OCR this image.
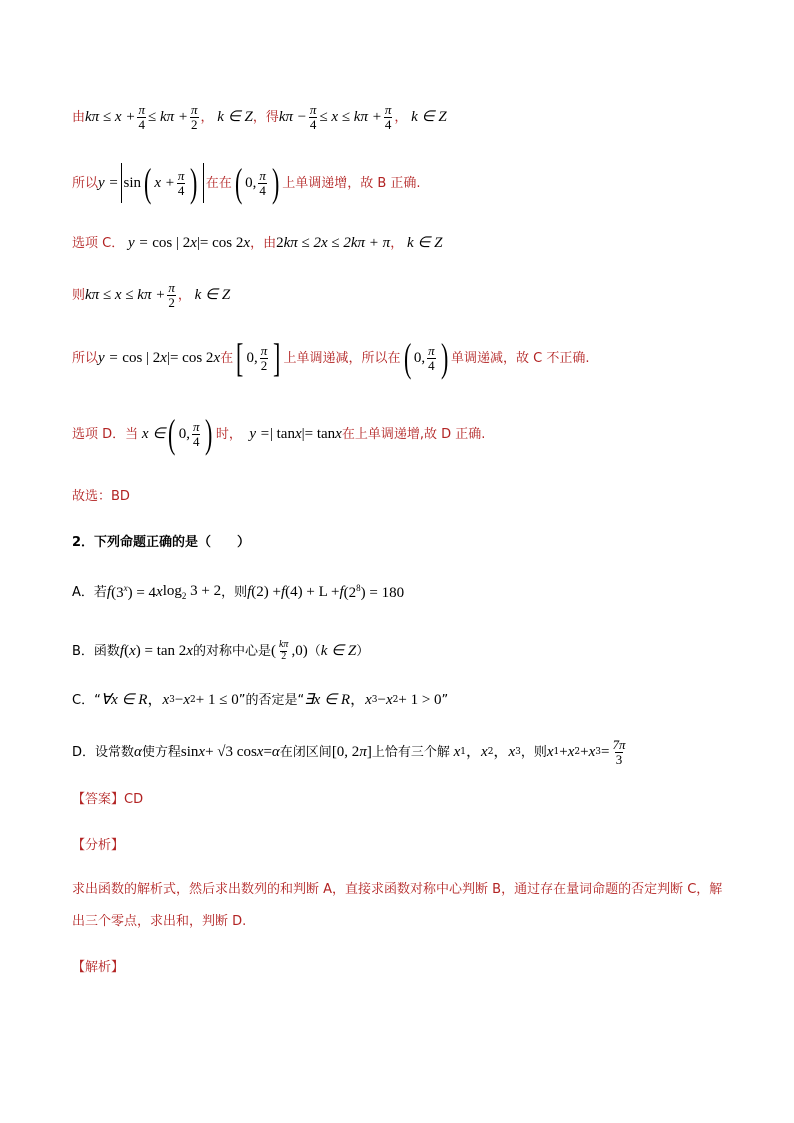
由 $k\pi \le x + \frac{\pi}{4} \le k\pi + \frac{\pi}{2}$ ， k ∈ Z ，得 $k\pi - \frac{\pi}{4} \le x \le k\pi + \frac{\pi}{4}$ ， k ∈ Z
所以 y = sin ( $x + \frac{\pi}{4}$ ) 在在 ( 0, $\frac{\pi}{4}$ ) 上单调递增，故 B 正确.
选项 C． y = cos | 2 x |= cos 2 x ，由 2 kπ ≤ 2x ≤ 2kπ + π ， k ∈ Z
则 $k\pi \le x \le k\pi + \frac{\pi}{2}$ ， k ∈ Z
所以 y = cos | 2 x |= cos 2 x 在 [ 0, $\frac{\pi}{2}$ ] 上单调递减，所以在 ( 0, $\frac{\pi}{4}$ ) 单调递减，故 C 不正确.
选项 D．当 x ∈ ( 0, $\frac{\pi}{4}$ ) 时， y = | tan x |= tan x 在上单调递增,故 D 正确.
故选：BD
2．下列命题正确的是（　　）
A．若 f $(3^x) = 4$ x $\log_2 3 + 2$ ，则 f (2) + f (4) + L + f $(2^8) = 180$
B．函数 f ( x ) = tan 2 x 的对称中心是 ( $\frac{k\pi}{2} ,0$) （ k ∈ Z ）
C．“ ∀x ∈ R ， x 3 − x 2 + 1 ≤ 0 ”的否定是“ ∃x ∈ R ， x 3 − x 2 + 1 > 0 ”
D．设常数 α 使方程 sin x + √3 cos x = α 在闭区间 [0, 2 π ] 上恰有三个解 x 1 ， x 2 ， x 3 ，则 x 1 + x 2 + x $3 = \frac{7\pi}{3}$
【答案】CD
【分析】
求出函数的解析式，然后求出数列的和判断 A，直接求函数对称中心判断 B，通过存在量词命题的否定判断 C，解出三个零点，求出和，判断 D.
【解析】
